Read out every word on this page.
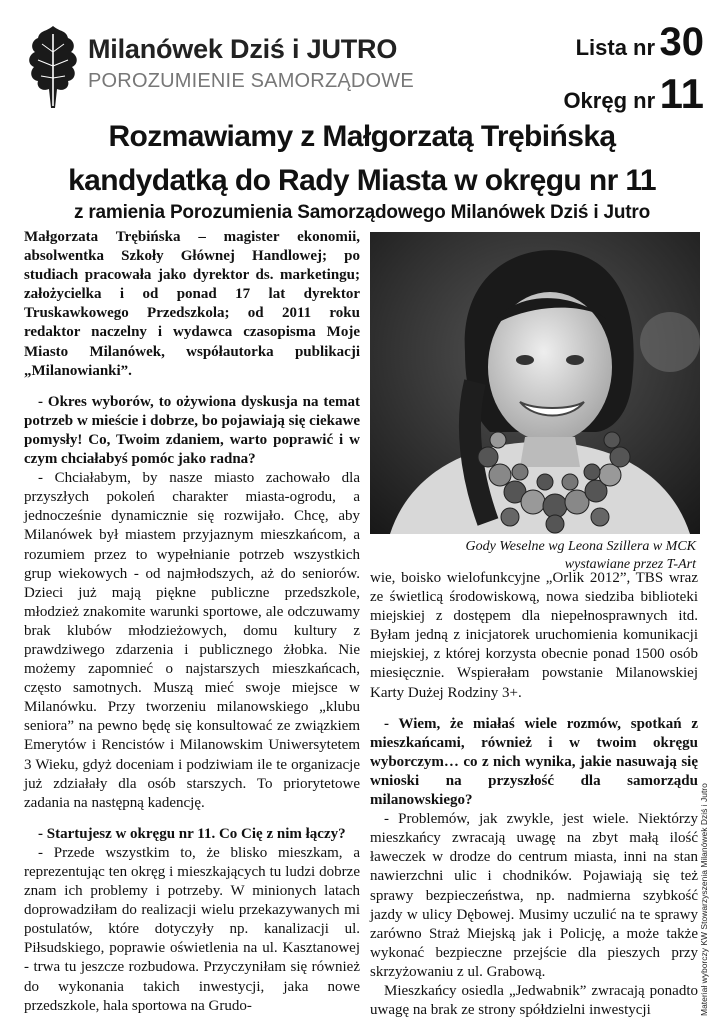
Milanówek Dziś i JUTRO
POROZUMIENIE SAMORZĄDOWE
Lista nr 30
Okręg nr 11
Rozmawiamy z Małgorzatą Trębińską
kandydatką do Rady Miasta w okręgu nr 11
z ramienia Porozumienia Samorządowego Milanówek Dziś i Jutro

Małgorzata Trębińska – magister ekonomii, absolwentka Szkoły Głównej Handlowej; po studiach pracowała jako dyrektor ds. marketingu; założycielka i od ponad 17 lat dyrektor Truskawkowego Przedszkola; od 2011 roku redaktor naczelny i wydawca czasopisma Moje Miasto Milanówek, współautorka publikacji „Milanowianki”.

- Okres wyborów, to ożywiona dyskusja na temat potrzeb w mieście i dobrze, bo pojawiają się ciekawe pomysły! Co, Twoim zdaniem, warto poprawić i w czym chciałabyś pomóc jako radna?

- Chciałabym, by nasze miasto zachowało dla przyszłych pokoleń charakter miasta-ogrodu, a jednocześnie dynamicznie się rozwijało. Chcę, aby Milanówek był miastem przyjaznym mieszkańcom, a rozumiem przez to wypełnianie potrzeb wszystkich grup wiekowych - od najmłodszych, aż do seniorów. Dzieci już mają piękne publiczne przedszkole, młodzież znakomite warunki sportowe, ale odczuwamy brak klubów młodzieżowych, domu kultury z prawdziwego zdarzenia i publicznego żłobka. Nie możemy zapomnieć o najstarszych mieszkańcach, często samotnych. Muszą mieć swoje miejsce w Milanówku. Przy tworzeniu milanowskiego „klubu seniora” na pewno będę się konsultować ze związkiem Emerytów i Rencistów i Milanowskim Uniwersytetem 3 Wieku, gdyż doceniam i podziwiam ile te organizacje już zdziałały dla osób starszych. To priorytetowe zadania na następną kadencję.

- Startujesz w okręgu nr 11. Co Cię z nim łączy?

- Przede wszystkim to, że blisko mieszkam, a reprezentując ten okręg i mieszkających tu ludzi dobrze znam ich problemy i potrzeby. W minionych latach doprowadziłam do realizacji wielu przekazywanych mi postulatów, które dotyczyły np. kanalizacji ul. Piłsudskiego, poprawie oświetlenia na ul. Kasztanowej - trwa tu jeszcze rozbudowa. Przyczyniłam się również do wykonania takich inwestycji, jaka nowe przedszkole, hala sportowa na Grudo-

Gody Weselne wg Leona Szillera w MCK
wystawiane przez T-Art

wie, boisko wielofunkcyjne „Orlik 2012”, TBS wraz ze świetlicą środowiskową, nowa siedziba biblioteki miejskiej z dostępem dla niepełnosprawnych itd. Byłam jedną z inicjatorek uruchomienia komunikacji miejskiej, z której korzysta obecnie ponad 1500 osób miesięcznie. Wspierałam powstanie Milanowskiej Karty Dużej Rodziny 3+.

- Wiem, że miałaś wiele rozmów, spotkań z mieszkańcami, również i w twoim okręgu wyborczym… co z nich wynika, jakie nasuwają się wnioski na przyszłość dla samorządu milanowskiego?

- Problemów, jak zwykle, jest wiele. Niektórzy mieszkańcy zwracają uwagę na zbyt małą ilość ławeczek w drodze do centrum miasta, inni na stan nawierzchni ulic i chodników. Pojawiają się też sprawy bezpieczeństwa, np. nadmierna szybkość jazdy w ulicy Dębowej. Musimy uczulić na te sprawy zarówno Straż Miejską jak i Policję, a może także wykonać bezpieczne przejście dla pieszych przy skrzyżowaniu z ul. Grabową.

Mieszkańcy osiedla „Jedwabnik” zwracają ponadto uwagę na brak ze strony spółdzielni inwestycji	Materiał wyborczy KW Stowarzyszenia Milanówek Dziś i Jutro
